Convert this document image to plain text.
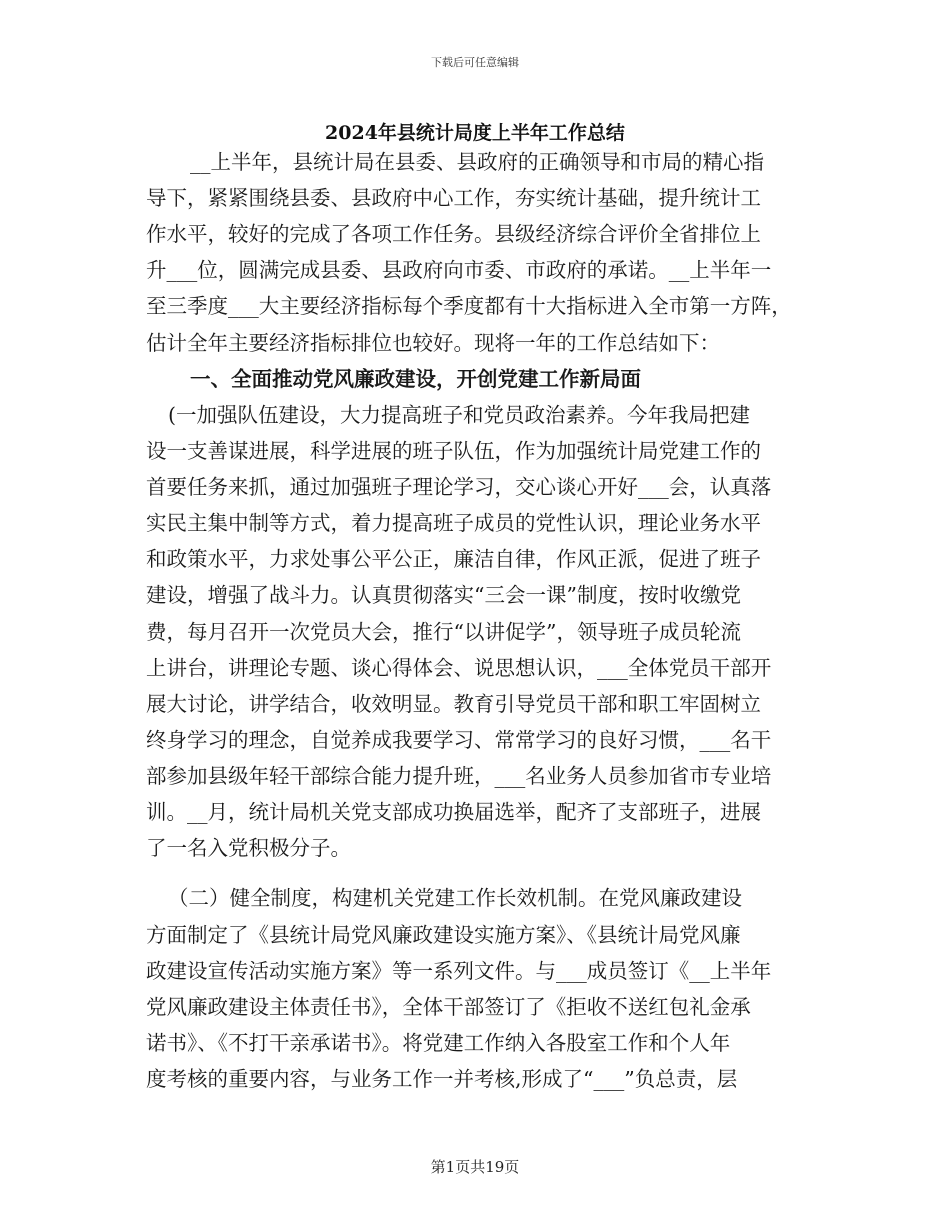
下载后可任意编辑
2024年县统计局度上半年工作总结
__上半年，县统计局在县委、县政府的正确领导和市局的精心指
导下，紧紧围绕县委、县政府中心工作，夯实统计基础，提升统计工
作水平，较好的完成了各项工作任务。县级经济综合评价全省排位上
升___位，圆满完成县委、县政府向市委、市政府的承诺。__上半年一
至三季度___大主要经济指标每个季度都有十大指标进入全市第一方阵，
估计全年主要经济指标排位也较好。现将一年的工作总结如下：
一、全面推动党风廉政建设，开创党建工作新局面
(一加强队伍建设，大力提高班子和党员政治素养。今年我局把建
设一支善谋进展，科学进展的班子队伍，作为加强统计局党建工作的
首要任务来抓，通过加强班子理论学习，交心谈心开好___会，认真落
实民主集中制等方式，着力提高班子成员的党性认识，理论业务水平
和政策水平，力求处事公平公正，廉洁自律，作风正派，促进了班子
建设，增强了战斗力。认真贯彻落实“三会一课”制度，按时收缴党
费，每月召开一次党员大会，推行“以讲促学”，领导班子成员轮流
上讲台，讲理论专题、谈心得体会、说思想认识，___全体党员干部开
展大讨论，讲学结合，收效明显。教育引导党员干部和职工牢固树立
终身学习的理念，自觉养成我要学习、常常学习的良好习惯，___名干
部参加县级年轻干部综合能力提升班，___名业务人员参加省市专业培
训。__月，统计局机关党支部成功换届选举，配齐了支部班子，进展
了一名入党积极分子。
（二）健全制度，构建机关党建工作长效机制。在党风廉政建设
方面制定了《县统计局党风廉政建设实施方案》、《县统计局党风廉
政建设宣传活动实施方案》等一系列文件。与___成员签订《__上半年
党风廉政建设主体责任书》，全体干部签订了《拒收不送红包礼金承
诺书》、《不打干亲承诺书》。将党建工作纳入各股室工作和个人年
度考核的重要内容，与业务工作一并考核,形成了“___”负总责，层
第1页共19页
